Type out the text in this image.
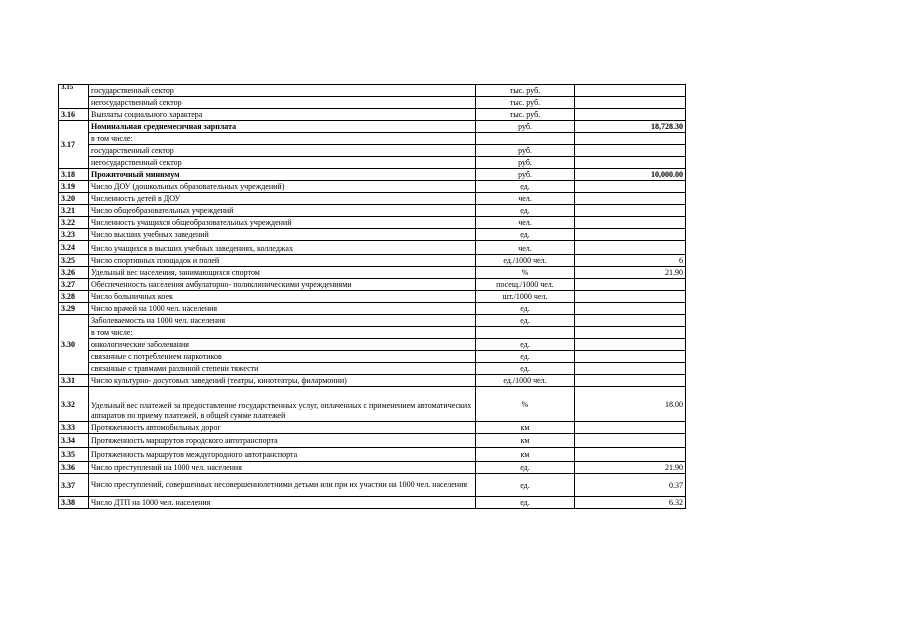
3.15	государственный сектор	тыс. руб.	
	негосударственный сектор	тыс. руб.	
3.16	Выплаты социального характера	тыс. руб.	
3.17	Номинальная среднемесячная зарплата	руб.	18,728.30
	в том числе:		
	государственный сектор	руб.	
	негосударственный сектор	руб.	
3.18	Прожиточный минимум	руб.	10,000.00
3.19	Число ДОУ (дошкольных образовательных учреждений)	ед.	
3.20	Численность детей в ДОУ	чел.	
3.21	Число общеобразовательных учреждений	ед.	
3.22	Численность учащихся общеобразовательных учреждений	чел.	
3.23	Число высших учебных заведений	ед.	
3.24	Число учащихся в высших учебных заведениях, колледжах	чел.	
3.25	Число спортивных площадок и полей	ед./1000 чел.	6
3.26	Удельный вес населения, занимающихся спортом	%	21.90
3.27	Обеспеченность населения амбулаторно- поликлиническими учреждениями	посещ./1000 чел.	
3.28	Число больничных коек	шт./1000 чел.	
3.29	Число врачей на 1000 чел. населения	ед.	
3.30	Заболеваемость на 1000 чел. населения	ед.	
	в том числе:		
	онкологические заболевания	ед.	
	связанные с потреблением наркотиков	ед.	
	связанные с травмами разлиной степени тяжести	ед.	
3.31	Число культурно- досуговых заведений (театры, кинотеатры, филармонии)	ед./1000 чел.	
3.32	Удельный вес платежей за предоставление государственных услуг, оплаченных с применением автоматических аппаратов по приему платежей, в общей сумме платежей	%	18.00
3.33	Протяженность автомобильных дорог	км	
3.34	Протяженность маршрутов городского автотранспорта	км	
3.35	Протяженность маршрутов междугородного автотранспорта	км	
3.36	Число преступлений на 1000 чел. населения	ед.	21.90
3.37	Число преступлений, совершенных несовершеннолетними детьми или при их участии на 1000 чел. населения	ед.	0.37
3.38	Число ДТП на 1000 чел. населения	ед.	6.32
